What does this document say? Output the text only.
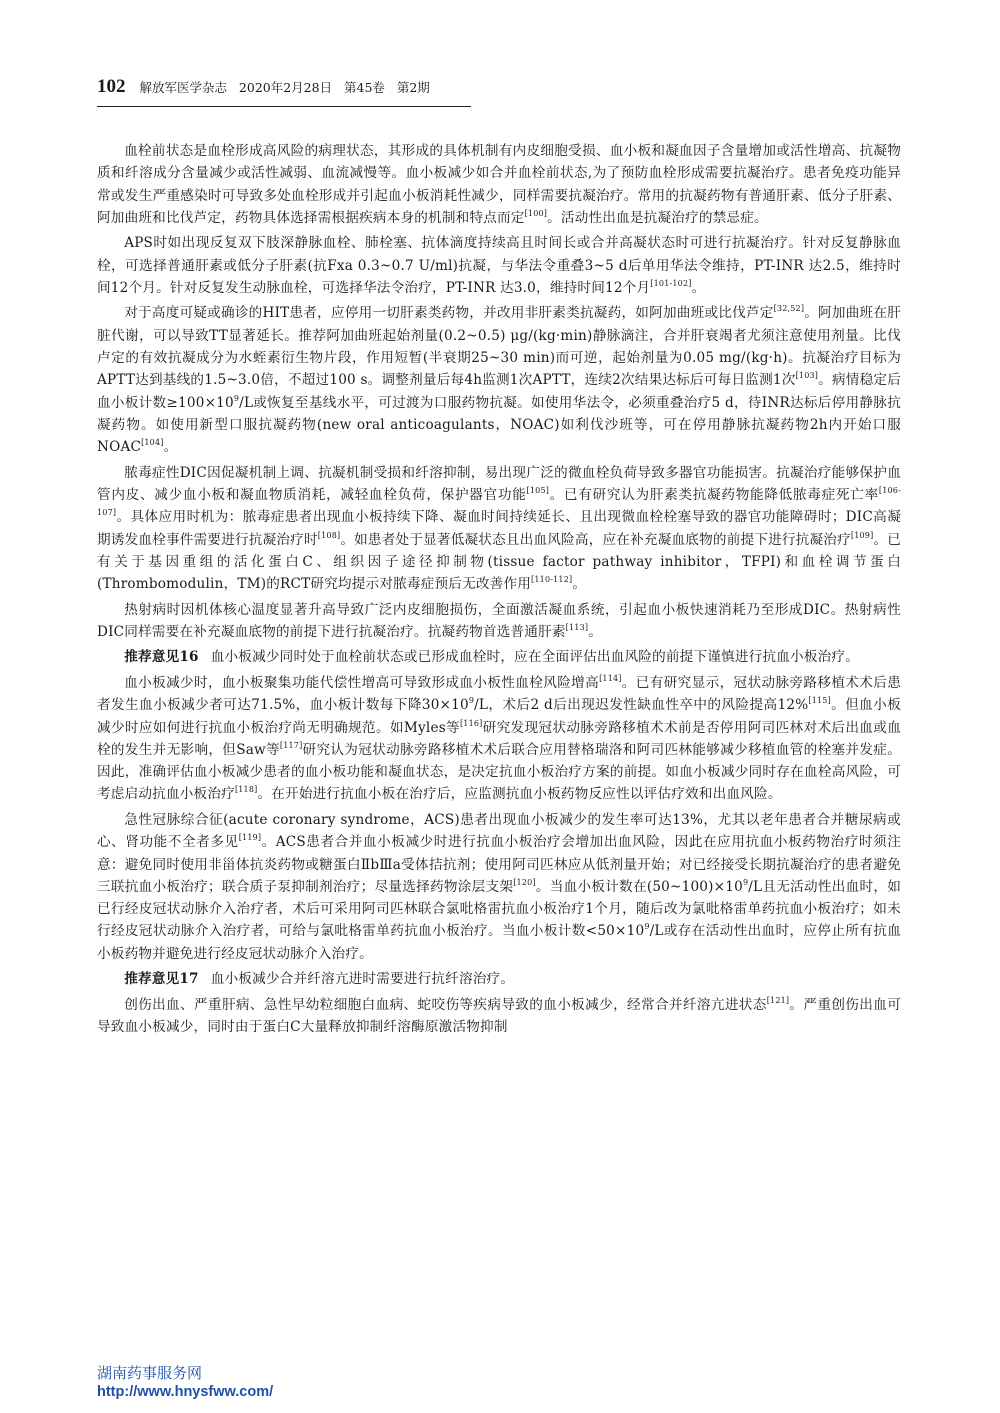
102 解放军医学杂志   2020年2月28日   第45卷   第2期

血栓前状态是血栓形成高风险的病理状态，其形成的具体机制有内皮细胞受损、血小板和凝血因子含量增加或活性增高、抗凝物质和纤溶成分含量减少或活性减弱、血流减慢等。血小板减少如合并血栓前状态,为了预防血栓形成需要抗凝治疗。患者免疫功能异常或发生严重感染时可导致多处血栓形成并引起血小板消耗性减少，同样需要抗凝治疗。常用的抗凝药物有普通肝素、低分子肝素、阿加曲班和比伐芦定，药物具体选择需根据疾病本身的机制和特点而定[100]。活动性出血是抗凝治疗的禁忌症。

APS时如出现反复双下肢深静脉血栓、肺栓塞、抗体滴度持续高且时间长或合并高凝状态时可进行抗凝治疗。针对反复静脉血栓，可选择普通肝素或低分子肝素(抗Fxa 0.3~0.7 U/ml)抗凝，与华法令重叠3~5 d后单用华法令维持，PT-INR 达2.5，维持时间12个月。针对反复发生动脉血栓，可选择华法令治疗，PT-INR 达3.0，维持时间12个月[101-102]。

对于高度可疑或确诊的HIT患者，应停用一切肝素类药物，并改用非肝素类抗凝药，如阿加曲班或比伐芦定[32,52]。阿加曲班在肝脏代谢，可以导致TT显著延长。推荐阿加曲班起始剂量(0.2~0.5) μg/(kg·min)静脉滴注，合并肝衰竭者尤须注意使用剂量。比伐卢定的有效抗凝成分为水蛭素衍生物片段，作用短暂(半衰期25~30 min)而可逆，起始剂量为0.05 mg/(kg·h)。抗凝治疗目标为APTT达到基线的1.5~3.0倍，不超过100 s。调整剂量后每4h监测1次APTT，连续2次结果达标后可每日监测1次[103]。病情稳定后血小板计数$\ge 100\times 10^9/L$或恢复至基线水平，可过渡为口服药物抗凝。如使用华法令，必须重叠治疗5 d，待INR达标后停用静脉抗凝药物。如使用新型口服抗凝药物(new oral anticoagulants，NOAC)如利伐沙班等，可在停用静脉抗凝药物2h内开始口服NOAC[104]。

脓毒症性DIC因促凝机制上调、抗凝机制受损和纤溶抑制，易出现广泛的微血栓负荷导致多器官功能损害。抗凝治疗能够保护血管内皮、减少血小板和凝血物质消耗，减轻血栓负荷，保护器官功能[105]。已有研究认为肝素类抗凝药物能降低脓毒症死亡率[106-107]。具体应用时机为：脓毒症患者出现血小板持续下降、凝血时间持续延长、且出现微血栓栓塞导致的器官功能障碍时；DIC高凝期诱发血栓事件需要进行抗凝治疗时[108]。如患者处于显著低凝状态且出血风险高，应在补充凝血底物的前提下进行抗凝治疗[109]。已有关于基因重组的活化蛋白C、组织因子途径抑制物(tissue factor pathway inhibitor，TFPI)和血栓调节蛋白(Thrombomodulin，TM)的RCT研究均提示对脓毒症预后无改善作用[110-112]。

热射病时因机体核心温度显著升高导致广泛内皮细胞损伤，全面激活凝血系统，引起血小板快速消耗乃至形成DIC。热射病性DIC同样需要在补充凝血底物的前提下进行抗凝治疗。抗凝药物首选普通肝素[113]。

推荐意见16 血小板减少同时处于血栓前状态或已形成血栓时，应在全面评估出血风险的前提下谨慎进行抗血小板治疗。

血小板减少时，血小板聚集功能代偿性增高可导致形成血小板性血栓风险增高[114]。已有研究显示，冠状动脉旁路移植术术后患者发生血小板减少者可达71.5%，血小板计数每下降$30\times 10^9/L$，术后2 d后出现迟发性缺血性卒中的风险提高12%[115]。但血小板减少时应如何进行抗血小板治疗尚无明确规范。如Myles等[116]研究发现冠状动脉旁路移植术术前是否停用阿司匹林对术后出血或血栓的发生并无影响，但Saw等[117]研究认为冠状动脉旁路移植术术后联合应用替格瑞洛和阿司匹林能够减少移植血管的栓塞并发症。因此，准确评估血小板减少患者的血小板功能和凝血状态，是决定抗血小板治疗方案的前提。如血小板减少同时存在血栓高风险，可考虑启动抗血小板治疗[118]。在开始进行抗血小板在治疗后，应监测抗血小板药物反应性以评估疗效和出血风险。

急性冠脉综合征(acute coronary syndrome，ACS)患者出现血小板减少的发生率可达13%，尤其以老年患者合并糖尿病或心、肾功能不全者多见[119]。ACS患者合并血小板减少时进行抗血小板治疗会增加出血风险，因此在应用抗血小板药物治疗时须注意：避免同时使用非甾体抗炎药物或糖蛋白ⅡbⅢa受体拮抗剂；使用阿司匹林应从低剂量开始；对已经接受长期抗凝治疗的患者避免三联抗血小板治疗；联合质子泵抑制剂治疗；尽量选择药物涂层支架[120]。当血小板计数在$(50\sim 100)\times 10^9/L$且无活动性出血时，如已行经皮冠状动脉介入治疗者，术后可采用阿司匹林联合氯吡格雷抗血小板治疗1个月，随后改为氯吡格雷单药抗血小板治疗；如未行经皮冠状动脉介入治疗者，可给与氯吡格雷单药抗血小板治疗。当血小板计数$<50\times 10^9/L$或存在活动性出血时，应停止所有抗血小板药物并避免进行经皮冠状动脉介入治疗。

推荐意见17 血小板减少合并纤溶亢进时需要进行抗纤溶治疗。

创伤出血、严重肝病、急性早幼粒细胞白血病、蛇咬伤等疾病导致的血小板减少，经常合并纤溶亢进状态[121]。严重创伤出血可导致血小板减少，同时由于蛋白C大量释放抑制纤溶酶原激活物抑制

湖南药事服务网
http://www.hnysfww.com/
